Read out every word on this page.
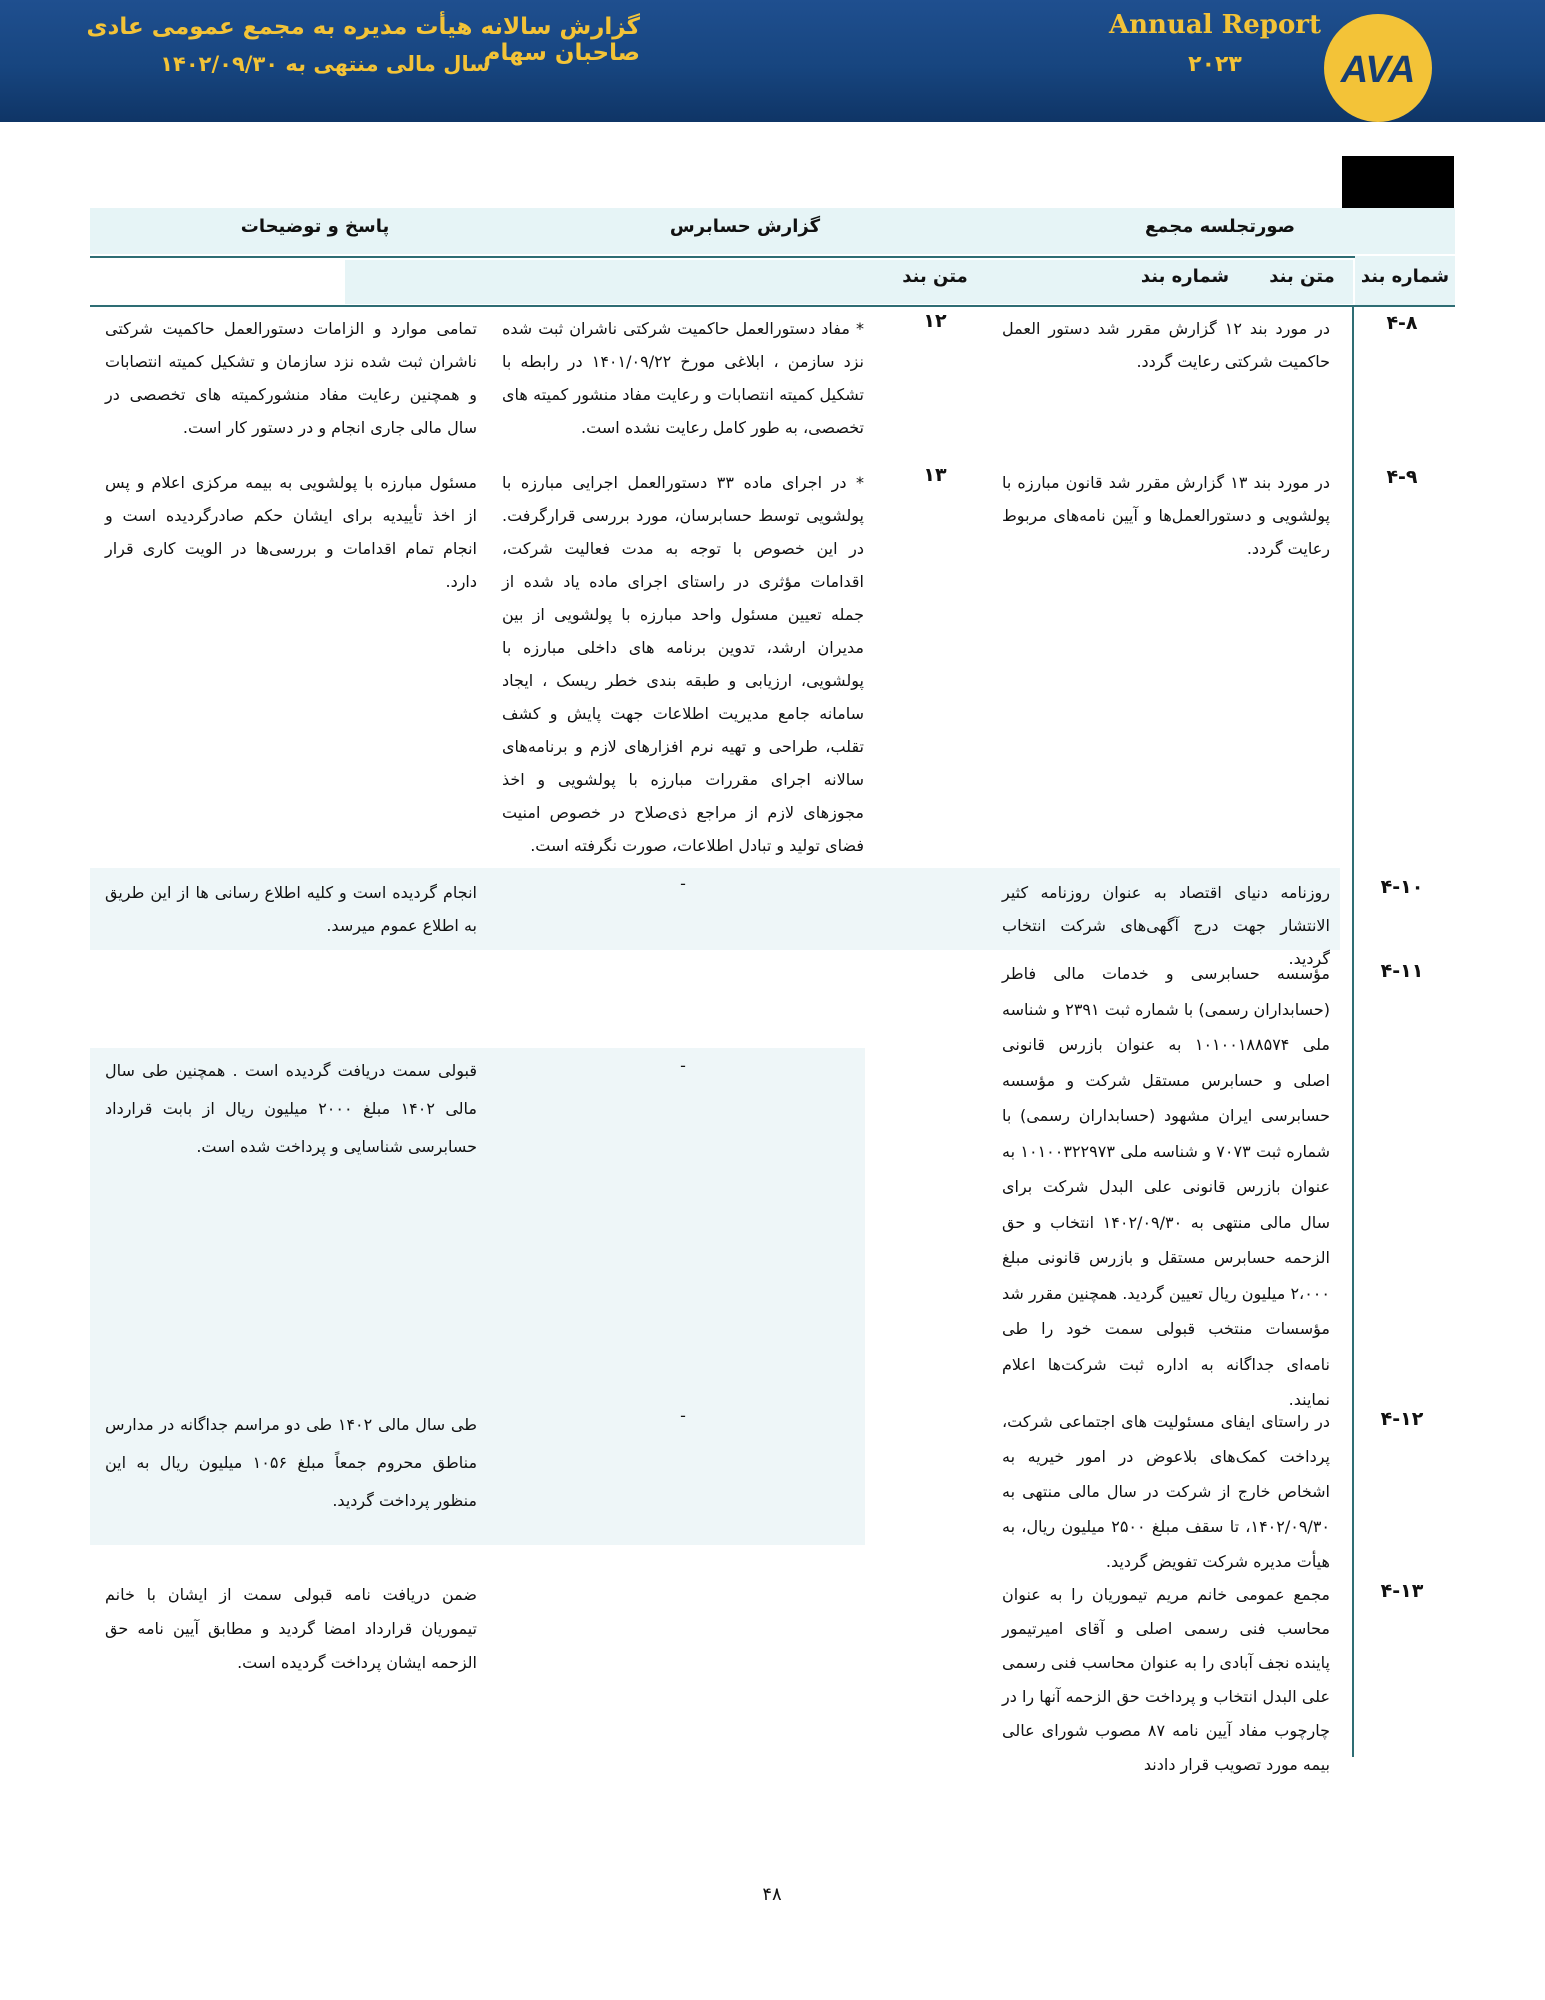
گزارش سالانه هیأت مدیره به مجمع عمومی عادی صاحبان سهام
سال مالی منتهی به ۱۴۰۲/۰۹/۳۰
Annual Report
۲۰۲۳	AVA
صورتجلسه مجمع
گزارش حسابرس
پاسخ و توضیحات
شماره بند
متن بند
شماره بند
متن بند
۴-۸
در مورد بند ۱۲ گزارش مقرر شد دستور العمل حاکمیت شرکتی رعایت گردد.
۱۲
* مفاد دستورالعمل حاکمیت شرکتی ناشران ثبت شده نزد سازمن ، ابلاغی مورخ ۱۴۰۱/۰۹/۲۲ در رابطه با تشکیل کمیته انتصابات و رعایت مفاد منشور کمیته های تخصصی، به طور کامل رعایت نشده است.
تمامی موارد و الزامات دستورالعمل حاکمیت شرکتی ناشران ثبت شده نزد سازمان و تشکیل کمیته انتصابات و همچنین رعایت مفاد منشورکمیته های تخصصی در سال مالی جاری انجام و در دستور کار است.
۴-۹
در مورد بند ۱۳ گزارش مقرر شد قانون مبارزه با پولشویی و دستورالعمل‌ها و آیین نامه‌های مربوط رعایت گردد.
۱۳
* در اجرای ماده ۳۳ دستورالعمل اجرایی مبارزه با پولشویی توسط حسابرسان، مورد بررسی قرارگرفت. در این خصوص با توجه به مدت فعالیت شرکت، اقدامات مؤثری در راستای اجرای ماده یاد شده از جمله تعیین مسئول واحد مبارزه با پولشویی از بین مدیران ارشد، تدوین برنامه های داخلی مبارزه با پولشویی، ارزیابی و طبقه بندی خطر ریسک ، ایجاد سامانه جامع مدیریت اطلاعات جهت پایش و کشف تقلب، طراحی و تهیه نرم افزارهای لازم و برنامه‌های سالانه اجرای مقررات مبارزه با پولشویی و اخذ مجوزهای لازم از مراجع ذی‌صلاح در خصوص امنیت فضای تولید و تبادل اطلاعات، صورت نگرفته است.
مسئول مبارزه با پولشویی به بیمه مرکزی اعلام و پس از اخذ تأییدیه برای ایشان حکم صادرگردیده است و انجام تمام اقدامات و بررسی‌ها در الویت کاری قرار دارد.
۴-۱۰
روزنامه دنیای اقتصاد به عنوان روزنامه کثیر الانتشار جهت درج آگهی‌های شرکت انتخاب گردید.
-
انجام گردیده است و کلیه اطلاع رسانی ها از این طریق به اطلاع عموم میرسد.
۴-۱۱
مؤسسه حسابرسی و خدمات مالی فاطر (حسابداران رسمی) با شماره ثبت ۲۳۹۱ و شناسه ملی ۱۰۱۰۰۱۸۸۵۷۴ به عنوان بازرس قانونی اصلی و حسابرس مستقل شرکت و مؤسسه حسابرسی ایران مشهود (حسابداران رسمی) با شماره ثبت ۷۰۷۳ و شناسه ملی ۱۰۱۰۰۳۲۲۹۷۳ به عنوان بازرس قانونی علی البدل شرکت برای سال مالی منتهی به ۱۴۰۲/۰۹/۳۰ انتخاب و حق الزحمه حسابرس مستقل و بازرس قانونی مبلغ ۲،۰۰۰ میلیون ریال تعیین گردید. همچنین مقرر شد مؤسسات منتخب قبولی سمت خود را طی نامه‌ای جداگانه به اداره ثبت شرکت‌ها اعلام نمایند.
-
قبولی سمت دریافت گردیده است . همچنین طی سال مالی ۱۴۰۲ مبلغ ۲۰۰۰ میلیون ریال از بابت قرارداد حسابرسی شناسایی و پرداخت شده است.
۴-۱۲
در راستای ایفای مسئولیت های اجتماعی شرکت، پرداخت کمک‌های بلاعوض در امور خیریه به اشخاص خارج از شرکت در سال مالی منتهی به ۱۴۰۲/۰۹/۳۰، تا سقف مبلغ ۲۵۰۰ میلیون ریال، به هیأت مدیره شرکت تفویض گردید.
-
طی سال مالی ۱۴۰۲ طی دو مراسم جداگانه در مدارس مناطق محروم جمعاً مبلغ ۱۰۵۶ میلیون ریال به این منظور پرداخت گردید.
۴-۱۳
مجمع عمومی خانم مریم تیموریان را به عنوان محاسب فنی رسمی اصلی و آقای امیرتیمور پاینده نجف آبادی را به عنوان محاسب فنی رسمی علی البدل انتخاب و پرداخت حق الزحمه آنها را در چارچوب مفاد آیین نامه ۸۷ مصوب شورای عالی بیمه مورد تصویب قرار دادند
ضمن دریافت نامه قبولی سمت از ایشان با خانم تیموریان قرارداد امضا گردید و مطابق آیین نامه حق الزحمه ایشان پرداخت گردیده است.
۴۸
